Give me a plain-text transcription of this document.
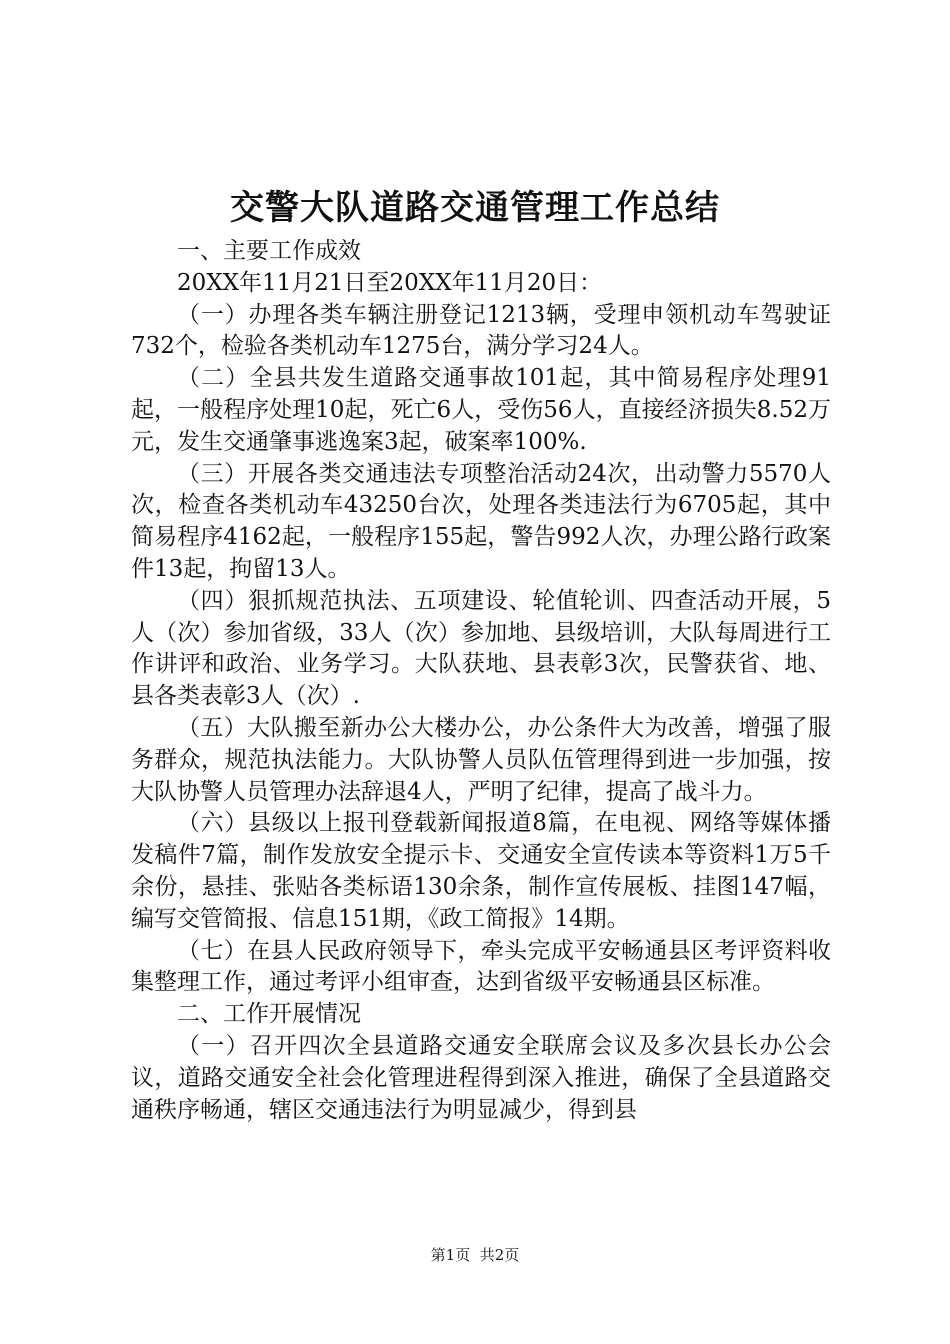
交警大队道路交通管理工作总结

一、主要工作成效

20XX年11月21日至20XX年11月20日：

（一）办理各类车辆注册登记1213辆，受理申领机动车驾驶证732个，检验各类机动车1275台，满分学习24人。

（二）全县共发生道路交通事故101起，其中简易程序处理91起，一般程序处理10起，死亡6人，受伤56人，直接经济损失8.52万元，发生交通肇事逃逸案3起，破案率100%.

（三）开展各类交通违法专项整治活动24次，出动警力5570人次，检查各类机动车43250台次，处理各类违法行为6705起，其中简易程序4162起，一般程序155起，警告992人次，办理公路行政案件13起，拘留13人。

（四）狠抓规范执法、五项建设、轮值轮训、四查活动开展，5人（次）参加省级，33人（次）参加地、县级培训，大队每周进行工作讲评和政治、业务学习。大队获地、县表彰3次，民警获省、地、县各类表彰3人（次）.

（五）大队搬至新办公大楼办公，办公条件大为改善，增强了服务群众，规范执法能力。大队协警人员队伍管理得到进一步加强，按大队协警人员管理办法辞退4人，严明了纪律，提高了战斗力。

（六）县级以上报刊登载新闻报道8篇，在电视、网络等媒体播发稿件7篇，制作发放安全提示卡、交通安全宣传读本等资料1万5千余份，悬挂、张贴各类标语130余条，制作宣传展板、挂图147幅，编写交管简报、信息151期，《政工简报》14期。

（七）在县人民政府领导下，牵头完成平安畅通县区考评资料收集整理工作，通过考评小组审查，达到省级平安畅通县区标准。

二、工作开展情况

（一）召开四次全县道路交通安全联席会议及多次县长办公会议，道路交通安全社会化管理进程得到深入推进，确保了全县道路交通秩序畅通，辖区交通违法行为明显减少，得到县

第1页 共2页
